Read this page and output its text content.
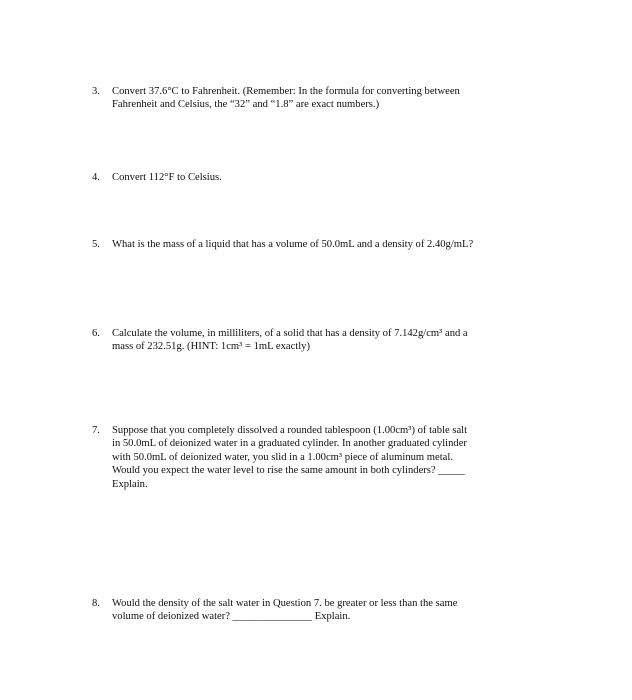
3. Convert 37.6°C to Fahrenheit. (Remember: In the formula for converting between
Fahrenheit and Celsius, the “32” and “1.8” are exact numbers.)
4. Convert 112°F to Celsius.
5. What is the mass of a liquid that has a volume of 50.0mL and a density of 2.40g/mL?
6. Calculate the volume, in milliliters, of a solid that has a density of 7.142g/cm³ and a
mass of 232.51g. (HINT: 1cm³ = 1mL exactly)
7. Suppose that you completely dissolved a rounded tablespoon (1.00cm³) of table salt
in 50.0mL of deionized water in a graduated cylinder. In another graduated cylinder
with 50.0mL of deionized water, you slid in a 1.00cm³ piece of aluminum metal.
Would you expect the water level to rise the same amount in both cylinders? _____
Explain.
8. Would the density of the salt water in Question 7. be greater or less than the same
volume of deionized water? _______________ Explain.
